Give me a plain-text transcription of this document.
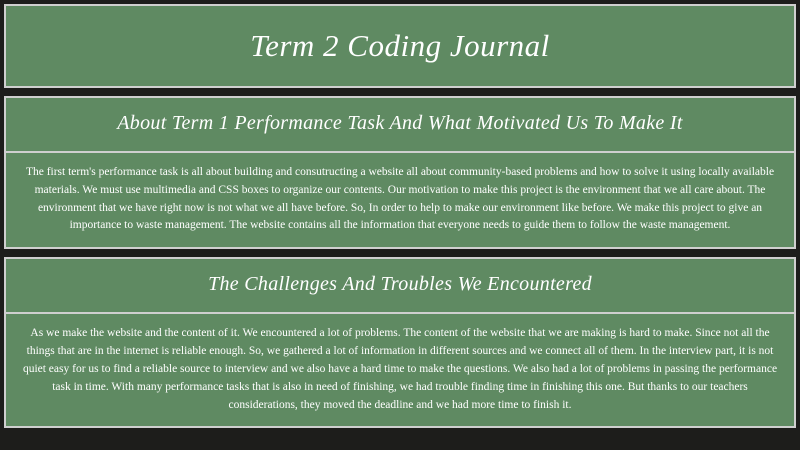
Term 2 Coding Journal
About Term 1 Performance Task And What Motivated Us To Make It

The first term's performance task is all about building and consutructing a website all about community-based problems and how to solve it using locally available materials. We must use multimedia and CSS boxes to organize our contents. Our motivation to make this project is the environment that we all care about. The environment that we have right now is not what we all have before. So, In order to help to make our environment like before. We make this project to give an importance to waste management. The website contains all the information that everyone needs to guide them to follow the waste management.

The Challenges And Troubles We Encountered

As we make the website and the content of it. We encountered a lot of problems. The content of the website that we are making is hard to make. Since not all the things that are in the internet is reliable enough. So, we gathered a lot of information in different sources and we connect all of them. In the interview part, it is not quiet easy for us to find a reliable source to interview and we also have a hard time to make the questions. We also had a lot of problems in passing the performance task in time. With many performance tasks that is also in need of finishing, we had trouble finding time in finishing this one. But thanks to our teachers considerations, they moved the deadline and we had more time to finish it.
